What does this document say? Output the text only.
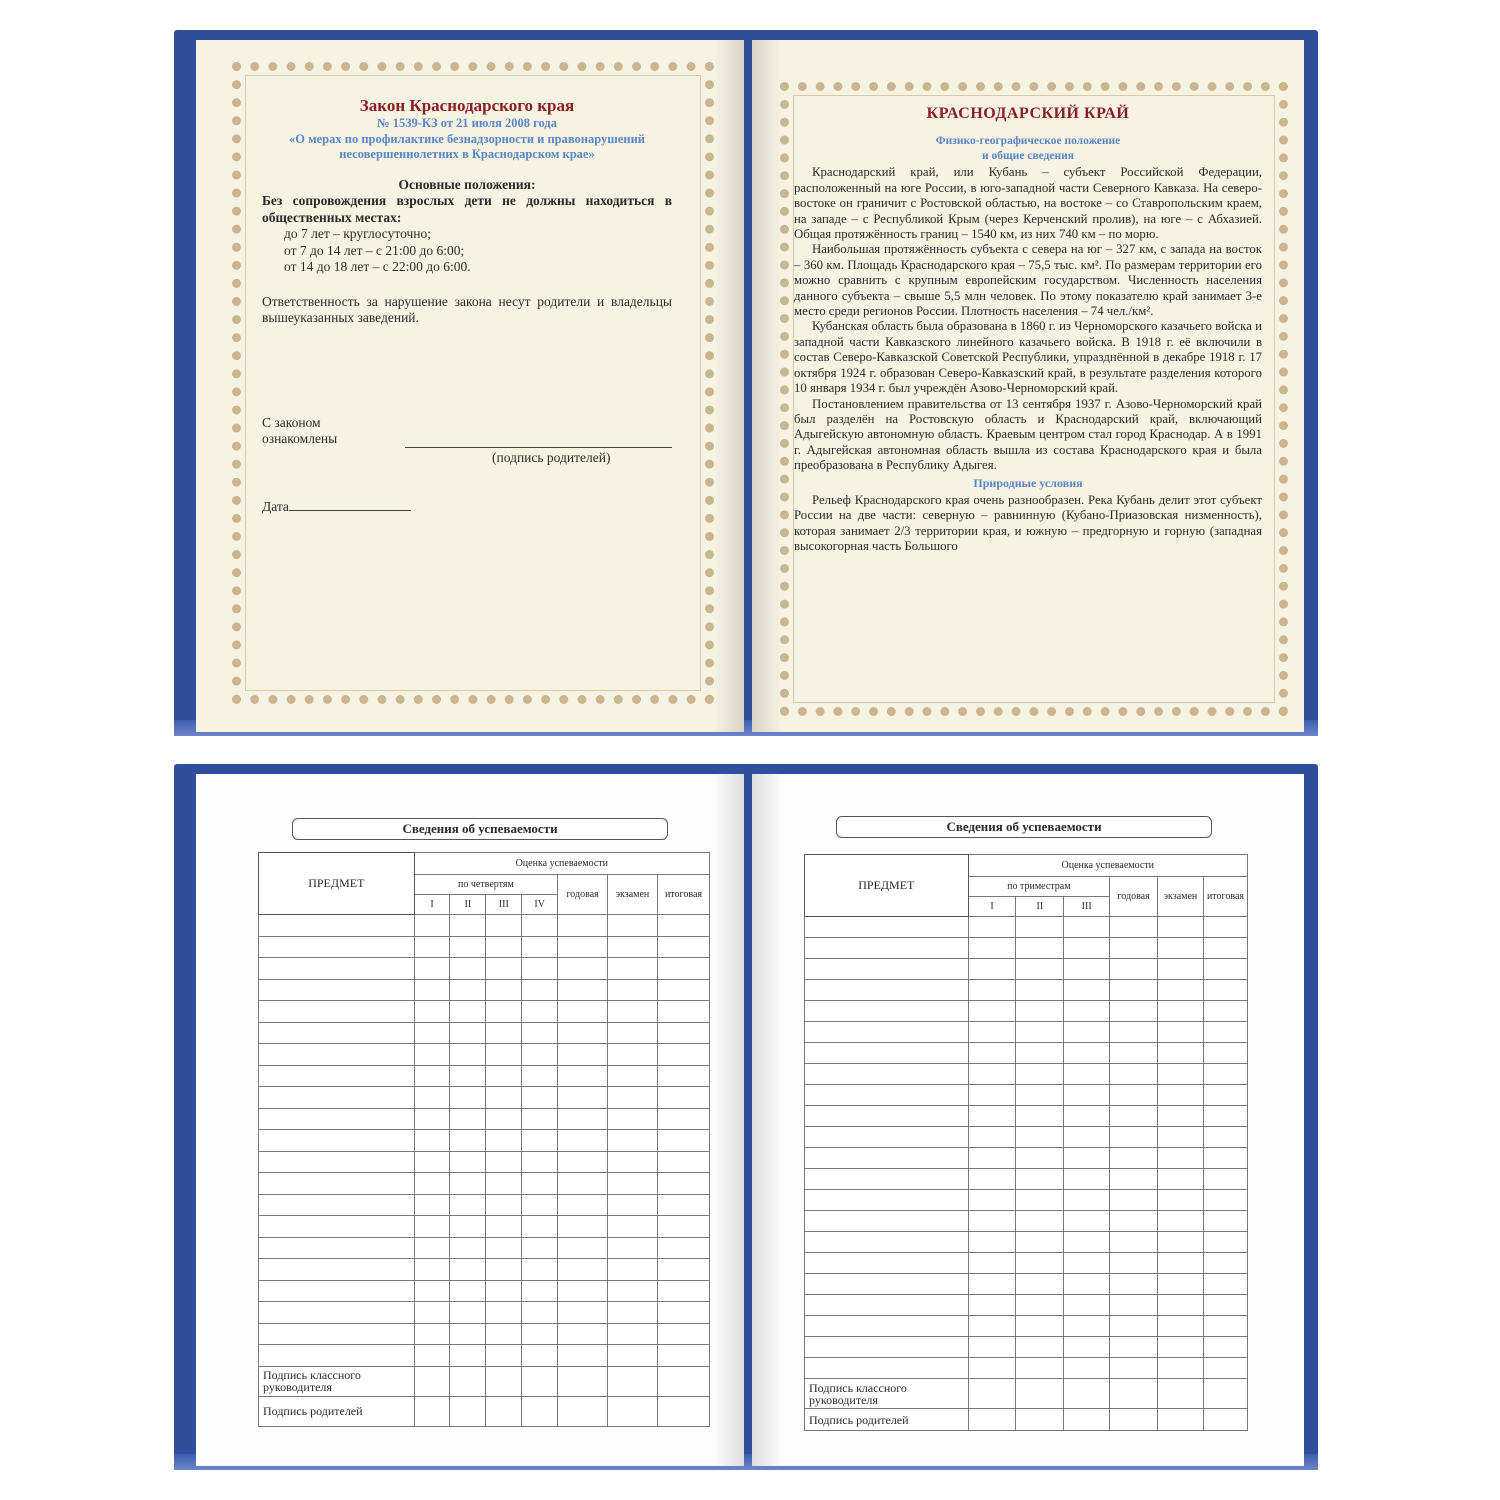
Закон Краснодарского края
№ 1539-КЗ от 21 июля 2008 года
«О мерах по профилактике безнадзорности и правонарушений несовершеннолетних в Краснодарском крае»
Основные положения:
Без сопровождения взрослых дети не должны находиться в общественных местах:
до 7 лет – круглосуточно;
от 7 до 14 лет – с 21:00 до 6:00;
от 14 до 18 лет – с 22:00 до 6:00.
Ответственность за нарушение закона несут родители и владельцы вышеуказанных заведений.
С законом ознакомлены
(подпись родителей)
Дата
КРАСНОДАРСКИЙ КРАЙ
Физико-географическое положение
и общие сведения

Краснодарский край, или Кубань – субъект Российской Федерации, расположенный на юге России, в юго-западной части Северного Кавказа. На северо-востоке он граничит с Ростовской областью, на востоке – со Ставропольским краем, на западе – с Республикой Крым (через Керченский пролив), на юге – с Абхазией. Общая протяжённость границ – 1540 км, из них 740 км – по морю.

Наибольшая протяжённость субъекта с севера на юг – 327 км, с запада на восток – 360 км. Площадь Краснодарского края – 75,5 тыс. км². По размерам территории его можно сравнить с крупным европейским государством. Численность населения данного субъекта – свыше 5,5 млн человек. По этому показателю край занимает 3-е место среди регионов России. Плотность населения – 74 чел./км².

Кубанская область была образована в 1860 г. из Черноморского казачьего войска и западной части Кавказского линейного казачьего войска. В 1918 г. её включили в состав Северо-Кавказской Советской Республики, упразднённой в декабре 1918 г. 17 октября 1924 г. образован Северо-Кавказский край, в результате разделения которого 10 января 1934 г. был учреждён Азово-Черноморский край.

Постановлением правительства от 13 сентября 1937 г. Азово-Черноморский край был разделён на Ростовскую область и Краснодарский край, включающий Адыгейскую автономную область. Краевым центром стал город Краснодар. А в 1991 г. Адыгейская автономная область вышла из состава Краснодарского края и была преобразована в Республику Адыгея.

Природные условия

Рельеф Краснодарского края очень разнообразен. Река Кубань делит этот субъект России на две части: северную – равнинную (Кубано-Приазовская низменность), которая занимает 2/3 территории края, и южную – предгорную и горную (западная высокогорная часть Большого

Сведения об успеваемости
ПРЕДМЕТ	Оценка успеваемости						
	по четвертям				годовая	экзамен	итоговая
	I	II	III	IV			

Подпись классного руководителя							
Подпись родителей							
Сведения об успеваемости
ПРЕДМЕТ	Оценка успеваемости					
	по триместрам			годовая	экзамен	итоговая
	I	II	III			

Подпись классного руководителя						
Подпись родителей						
